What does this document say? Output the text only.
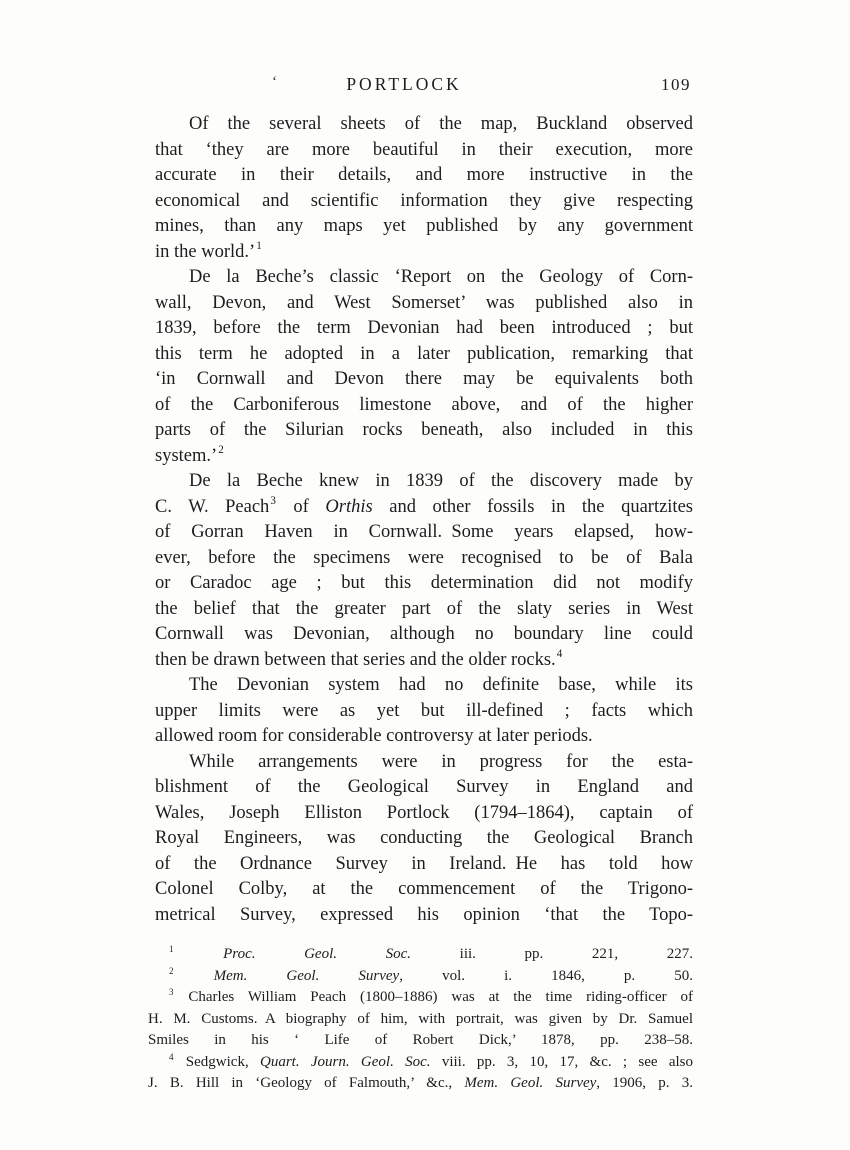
‘	PORTLOCK	109
Of the several sheets of the map, Buckland observed
that ‘they are more beautiful in their execution, more
accurate in their details, and more instructive in the
economical and scientific information they give respecting
mines, than any maps yet published by any government
in the world.’$^1$
De la Beche’s classic ‘Report on the Geology of Corn-
wall, Devon, and West Somerset’ was published also in
1839, before the term Devonian had been introduced ; but
this term he adopted in a later publication, remarking that
‘in Cornwall and Devon there may be equivalents both
of the Carboniferous limestone above, and of the higher
parts of the Silurian rocks beneath, also included in this
system.’$^2$
De la Beche knew in 1839 of the discovery made by
C. W. Peach$^3$ of Orthis and other fossils in the quartzites
of Gorran Haven in Cornwall. Some years elapsed, how-
ever, before the specimens were recognised to be of Bala
or Caradoc age ; but this determination did not modify
the belief that the greater part of the slaty series in West
Cornwall was Devonian, although no boundary line could
then be drawn between that series and the older rocks.$^4$
The Devonian system had no definite base, while its
upper limits were as yet but ill-defined ; facts which
allowed room for considerable controversy at later periods.
While arrangements were in progress for the esta-
blishment of the Geological Survey in England and
Wales, Joseph Elliston Portlock (1794–1864), captain of
Royal Engineers, was conducting the Geological Branch
of the Ordnance Survey in Ireland. He has told how
Colonel Colby, at the commencement of the Trigono-
metrical Survey, expressed his opinion ‘that the Topo-
$^1$	Proc. Geol. Soc. iii. pp. 221, 227.
$^2$	Mem. Geol. Survey, vol. i. 1846, p. 50.
$^3$ Charles William Peach (1800–1886) was at the time riding-officer of
H. M. Customs. A biography of him, with portrait, was given by Dr. Samuel
Smiles in his ‘ Life of Robert Dick,’ 1878, pp. 238–58.
$^4$ Sedgwick, Quart. Journ. Geol. Soc. viii. pp. 3, 10, 17, &c. ; see also
J. B. Hill in ‘Geology of Falmouth,’ &c., Mem. Geol. Survey, 1906, p. 3.
